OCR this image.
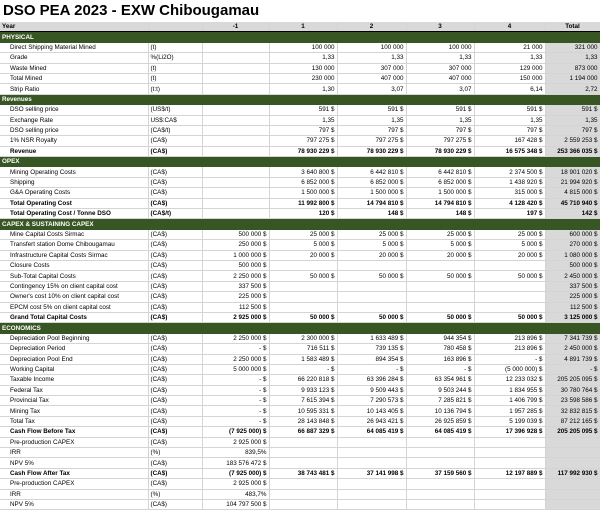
DSO PEA 2023 - EXW Chibougamau
Year		-1	1	2	3	4	Total
PHYSICAL							
Direct Shipping Material Mined	(t)		100 000	100 000	100 000	21 000	321 000
Grade	%(Li2O)		1,33	1,33	1,33	1,33	1,33
Waste Mined	(t)		130 000	307 000	307 000	129 000	873 000
Total Mined	(t)		230 000	407 000	407 000	150 000	1 194 000
Strip Ratio	(t:t)		1,30	3,07	3,07	6,14	2,72
Revenues							
DSO selling price	(US$/t)		591 $	591 $	591 $	591 $	591 $
Exchange Rate	US$:CA$		1,35	1,35	1,35	1,35	1,35
DSO selling price	(CA$/t)		797 $	797 $	797 $	797 $	797 $
1% NSR Royalty	(CA$)		797 275 $	797 275 $	797 275 $	167 428 $	2 559 253 $
Revenue	(CA$)		78 930 229 $	78 930 229 $	78 930 229 $	16 575 348 $	253 366 035 $
OPEX							
Mining Operating Costs	(CA$)		3 640 800 $	6 442 810 $	6 442 810 $	2 374 500 $	18 901 020 $
Shipping	(CA$)		6 852 000 $	6 852 000 $	6 852 000 $	1 438 920 $	21 994 920 $
G&A Operating Costs	(CA$)		1 500 000 $	1 500 000 $	1 500 000 $	315 000 $	4 815 000 $
Total Operating Cost	(CA$)		11 992 800 $	14 794 810 $	14 794 810 $	4 128 420 $	45 710 940 $
Total Operating Cost / Tonne DSO	(CA$/t)		120 $	148 $	148 $	197 $	142 $
CAPEX & SUSTAINING CAPEX							
Mine Capital Costs Sirmac	(CA$)	500 000 $	25 000 $	25 000 $	25 000 $	25 000 $	600 000 $
Transfert station Dome Chibougamau	(CA$)	250 000 $	5 000 $	5 000 $	5 000 $	5 000 $	270 000 $
Infrastructure Capital Costs Sirmac	(CA$)	1 000 000 $	20 000 $	20 000 $	20 000 $	20 000 $	1 080 000 $
Closure Costs	(CA$)	500 000 $					500 000 $
Sub-Total Capital Costs	(CA$)	2 250 000 $	50 000 $	50 000 $	50 000 $	50 000 $	2 450 000 $
Contingency 15% on client capital cost	(CA$)	337 500 $					337 500 $
Owner's cost 10% on client capital cost	(CA$)	225 000 $					225 000 $
EPCM cost 5% on client capital cost	(CA$)	112 500 $					112 500 $
Grand Total Capital Costs	(CA$)	2 925 000 $	50 000 $	50 000 $	50 000 $	50 000 $	3 125 000 $
ECONOMICS							
Depreciation Pool Beginning	(CA$)	2 250 000 $	2 300 000 $	1 633 489 $	944 354 $	213 896 $	7 341 739 $
Depreciation Period	(CA$)	- $	716 511 $	739 135 $	780 458 $	213 896 $	2 450 000 $
Depreciation Pool End	(CA$)	2 250 000 $	1 583 489 $	894 354 $	163 896 $	- $	4 891 739 $
Working Capital	(CA$)	5 000 000 $	- $	- $	- $	(5 000 000) $	- $
Taxable Income	(CA$)	- $	66 220 818 $	63 396 284 $	63 354 961 $	12 233 032 $	205 205 095 $
Federal Tax	(CA$)	- $	9 933 123 $	9 509 443 $	9 503 244 $	1 834 955 $	30 780 764 $
Provincial Tax	(CA$)	- $	7 615 394 $	7 290 573 $	7 285 821 $	1 406 799 $	23 598 586 $
Mining Tax	(CA$)	- $	10 595 331 $	10 143 405 $	10 136 794 $	1 957 285 $	32 832 815 $
Total Tax	(CA$)	- $	28 143 848 $	26 943 421 $	26 925 859 $	5 199 039 $	87 212 165 $
Cash Flow Before Tax	(CA$)	(7 925 000) $	66 887 329 $	64 085 419 $	64 085 419 $	17 396 928 $	205 205 095 $
Pre-production CAPEX	(CA$)	2 925 000 $					
IRR	(%)	839,5%					
NPV 5%	(CA$)	183 576 472 $					
Cash Flow After Tax	(CA$)	(7 925 000) $	38 743 481 $	37 141 998 $	37 159 560 $	12 197 889 $	117 992 930 $
Pre-production CAPEX	(CA$)	2 925 000 $					
IRR	(%)	483,7%					
NPV 5%	(CA$)	104 797 500 $					
